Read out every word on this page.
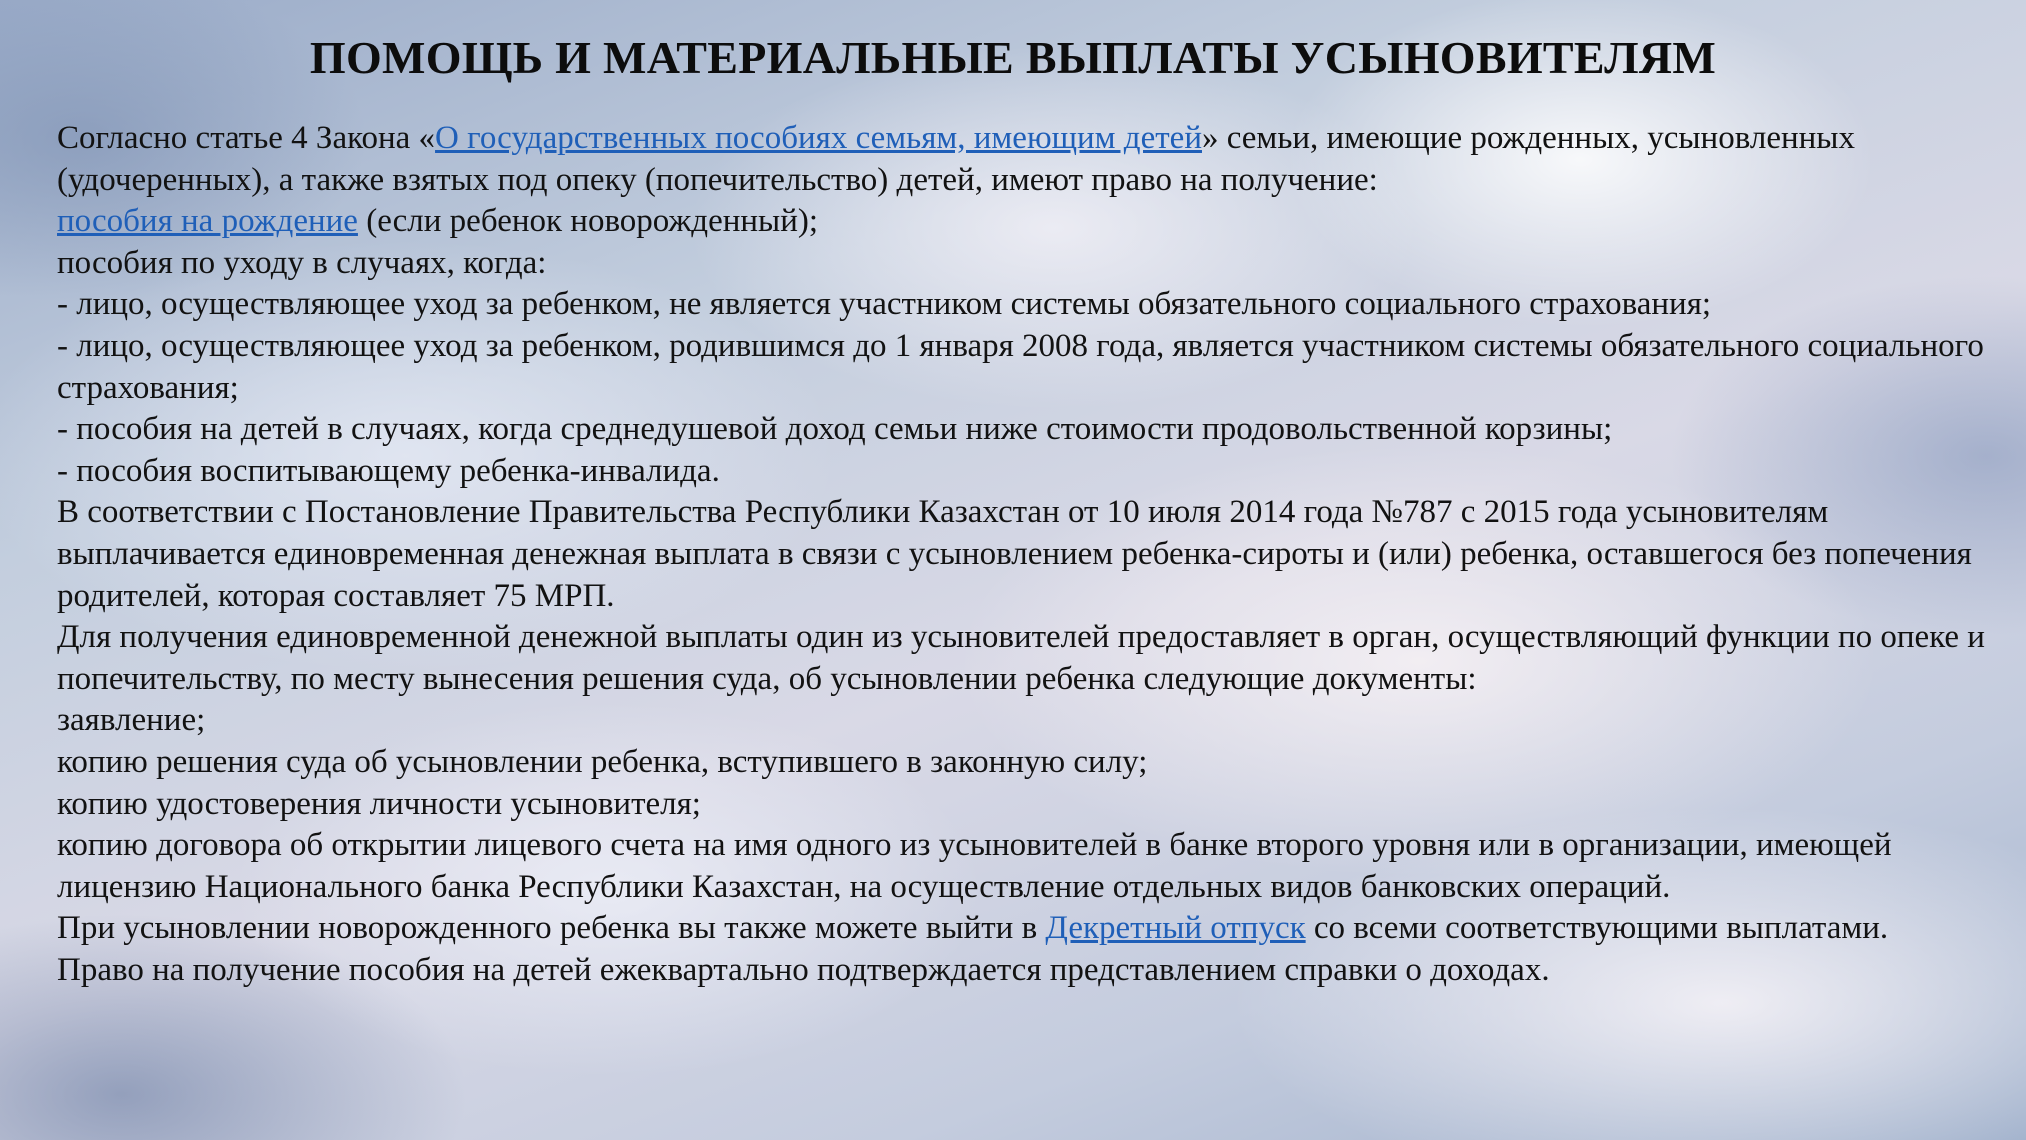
ПОМОЩЬ И МАТЕРИАЛЬНЫЕ ВЫПЛАТЫ УСЫНОВИТЕЛЯМ

Согласно статье 4 Закона «О государственных пособиях семьям, имеющим детей» семьи, имеющие рожденных, усыновленных (удочеренных), а также взятых под опеку (попечительство) детей, имеют право на получение:

пособия на рождение (если ребенок новорожденный);

пособия по уходу в случаях, когда:

- лицо, осуществляющее уход за ребенком, не является участником системы обязательного социального страхования;

- лицо, осуществляющее уход за ребенком, родившимся до 1 января 2008 года, является участником системы обязательного социального страхования;

- пособия на детей в случаях, когда среднедушевой доход семьи ниже стоимости продовольственной корзины;

- пособия воспитывающему ребенка-инвалида.

В соответствии с Постановление Правительства Республики Казахстан от 10 июля 2014 года №787 с 2015 года усыновителям выплачивается единовременная денежная выплата в связи с усыновлением ребенка-сироты и (или) ребенка, оставшегося без попечения родителей, которая составляет 75 МРП.

Для получения единовременной денежной выплаты один из усыновителей предоставляет в орган, осуществляющий функции по опеке и попечительству, по месту вынесения решения суда, об усыновлении ребенка следующие документы:

заявление;

копию решения суда об усыновлении ребенка, вступившего в законную силу;

копию удостоверения личности усыновителя;

копию договора об открытии лицевого счета на имя одного из усыновителей в банке второго уровня или в организации, имеющей лицензию Национального банка Республики Казахстан, на осуществление отдельных видов банковских операций.

При усыновлении новорожденного ребенка вы также можете выйти в Декретный отпуск со всеми соответствующими выплатами.

Право на получение пособия на детей ежеквартально подтверждается представлением справки о доходах.
